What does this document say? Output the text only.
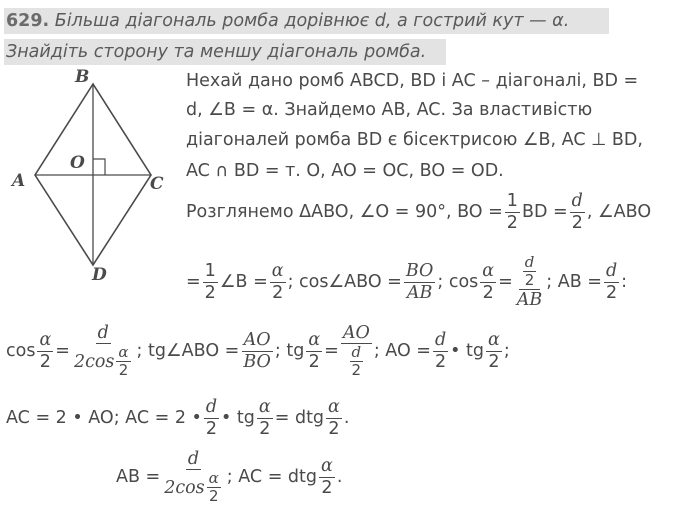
629. Більша діагональ ромба дорівнює d, а гострий кут — α.
Знайдіть сторону та меншу діагональ ромба.
B
A	C
D
O
Нехай дано ромб ABCD, BD і AC – діагоналі, BD =
d, ∠B = α. Знайдемо AB, AC. За властивістю
діагоналей ромба BD є бісектрисою ∠B, AC ⊥ BD,
AC ∩ BD = т. O, AO = OC, BO = OD.
Розглянемо ΔABO, ∠O = 90°, BO = $\frac{1}{2}$ BD = $\frac{d}{2}$ , ∠ABO
= $\frac{1}{2}$ ∠B = $\frac{\alpha}{2}$ ; cos∠ABO = $\frac{BO}{AB}$ ; $\cos \frac{\alpha}{2} = \frac{\frac{d}{2}}{AB}$ ; AB = $\frac{d}{2}$ :
$\cos \frac{\alpha}{2} = \frac{d}{2\cos \frac{\alpha}{2}}$ ; tg∠ABO = $\frac{AO}{BO}$ ; tg $\frac{\alpha}{2} = \frac{AO}{\frac{d}{2}}$ ; AO = $\frac{d}{2}$ • tg $\frac{\alpha}{2}$ ;
AC = 2 • AO; AC = 2 • $\frac{d}{2}$ • tg $\frac{\alpha}{2}$ = dtg $\frac{\alpha}{2}$ .
AB = $\frac{d}{2\cos \frac{\alpha}{2}}$ ; AC = dtg $\frac{\alpha}{2}$ .
